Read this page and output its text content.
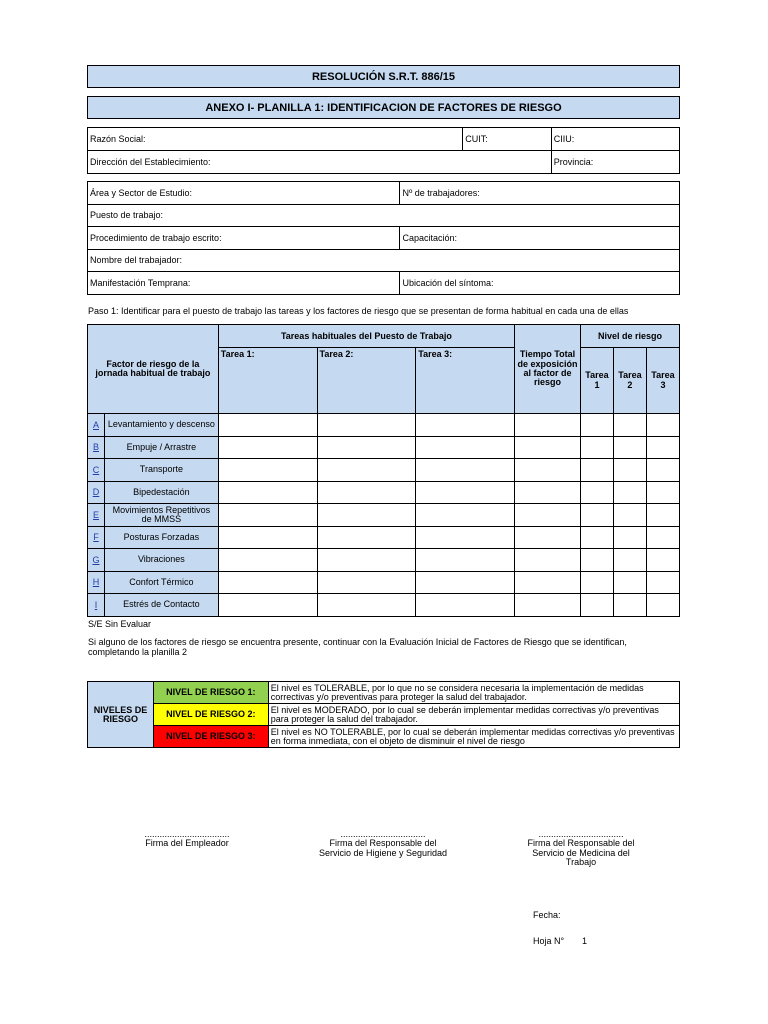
RESOLUCIÓN S.R.T. 886/15
ANEXO I- PLANILLA 1: IDENTIFICACION DE FACTORES DE RIESGO
Razón Social:	CUIT:	CIIU:
Dirección del Establecimiento:		Provincia:
Área y Sector de Estudio:	Nº de trabajadores:
Puesto de trabajo:	
Procedimiento de trabajo escrito:	Capacitación:
Nombre del trabajador:	
Manifestación Temprana:	Ubicación del síntoma:
Paso 1: Identificar para el puesto de trabajo las tareas y los factores de riesgo que se presentan de forma habitual en cada una de ellas
Factor de riesgo de la jornada habitual de trabajo		Tareas habituales del Puesto de Trabajo			Tiempo Total de exposición al factor de riesgo	Nivel de riesgo		
		Tarea 1:	Tarea 2:	Tarea 3:		Tarea 1	Tarea 2	Tarea 3
A	Levantamiento y descenso							
B	Empuje / Arrastre							
C	Transporte							
D	Bipedestación							
E	Movimientos Repetitivos de MMSS							
F	Posturas Forzadas							
G	Vibraciones							
H	Confort Térmico							
I	Estrés de Contacto							
S/E Sin Evaluar
Si alguno de los factores de riesgo se encuentra presente, continuar con la Evaluación Inicial de Factores de Riesgo que se identifican,
completando la planilla 2
NIVELES DE RIESGO	NIVEL DE RIESGO 1:	El nivel es TOLERABLE, por lo que no se considera necesaria la implementación de medidas correctivas y/o preventivas para proteger la salud del trabajador.
	NIVEL DE RIESGO 2:	El nivel es MODERADO, por lo cual se deberán implementar medidas correctivas y/o preventivas para proteger la salud del trabajador.
	NIVEL DE RIESGO 3:	El nivel es NO TOLERABLE, por lo cual se deberán implementar medidas correctivas y/o preventivas en forma inmediata, con el objeto de disminuir el nivel de riesgo
..................................
Firma del Empleador
..................................
Firma del Responsable del
Servicio de Higiene y Seguridad
..................................
Firma del Responsable del
Servicio de Medicina del
Trabajo
Fecha:
Hoja N° 1
